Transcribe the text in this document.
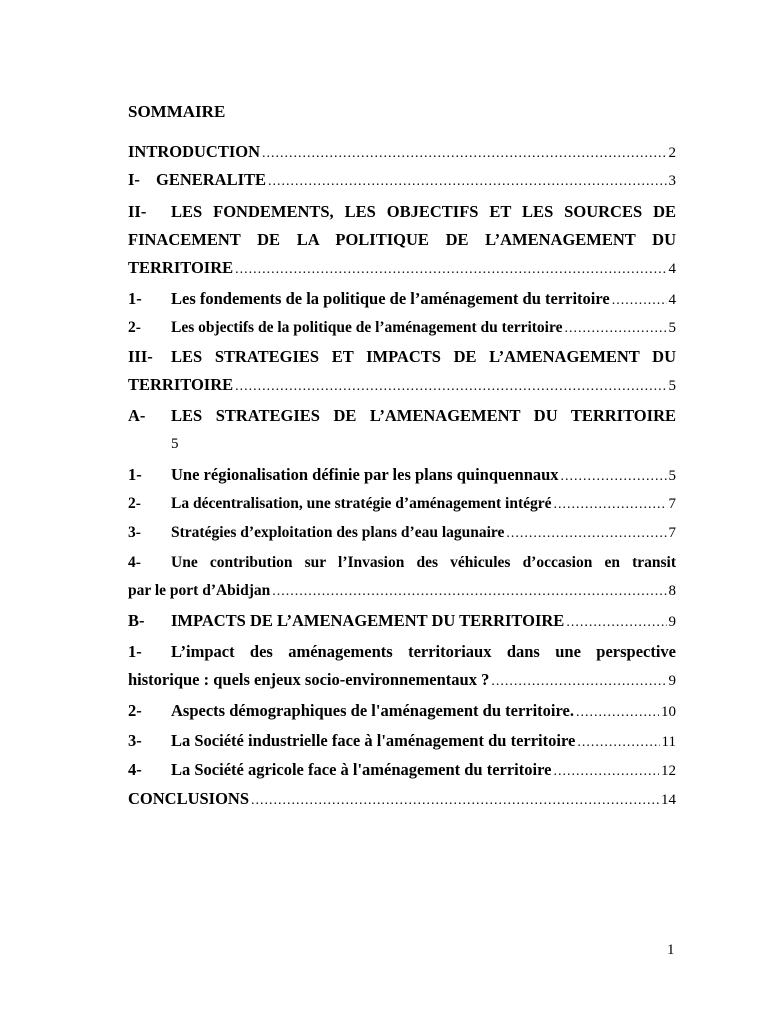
SOMMAIRE
INTRODUCTION .....	2
I- GENERALITE .....	3
II-	LES FONDEMENTS, LES OBJECTIFS ET LES SOURCES DE
FINACEMENT DE LA POLITIQUE DE L’AMENAGEMENT DU
TERRITOIRE .....	4
1-	Les fondements de la politique de l’aménagement du territoire .....	4
2-	Les objectifs de la politique de l’aménagement du territoire .....	5
III-	LES STRATEGIES ET IMPACTS DE L’AMENAGEMENT DU
TERRITOIRE .....	5
A-	LES STRATEGIES DE L’AMENAGEMENT DU TERRITOIRE
5
1-	Une régionalisation définie par les plans quinquennaux .....	5
2-	La décentralisation, une stratégie d’aménagement intégré .....	7
3-	Stratégies d’exploitation des plans d’eau lagunaire .....	7
4-	Une contribution sur l’Invasion des véhicules d’occasion en transit
par le port d’Abidjan .....	8
B-	IMPACTS DE L’AMENAGEMENT DU TERRITOIRE .....	9
1-	L’impact des aménagements territoriaux dans une perspective
historique : quels enjeux socio-environnementaux ? .....	9
2-	Aspects démographiques de l'aménagement du territoire. .....	10
3-	La Société industrielle face à l'aménagement du territoire .....	11
4-	La Société agricole face à l'aménagement du territoire .....	12
CONCLUSIONS .....	14
1
